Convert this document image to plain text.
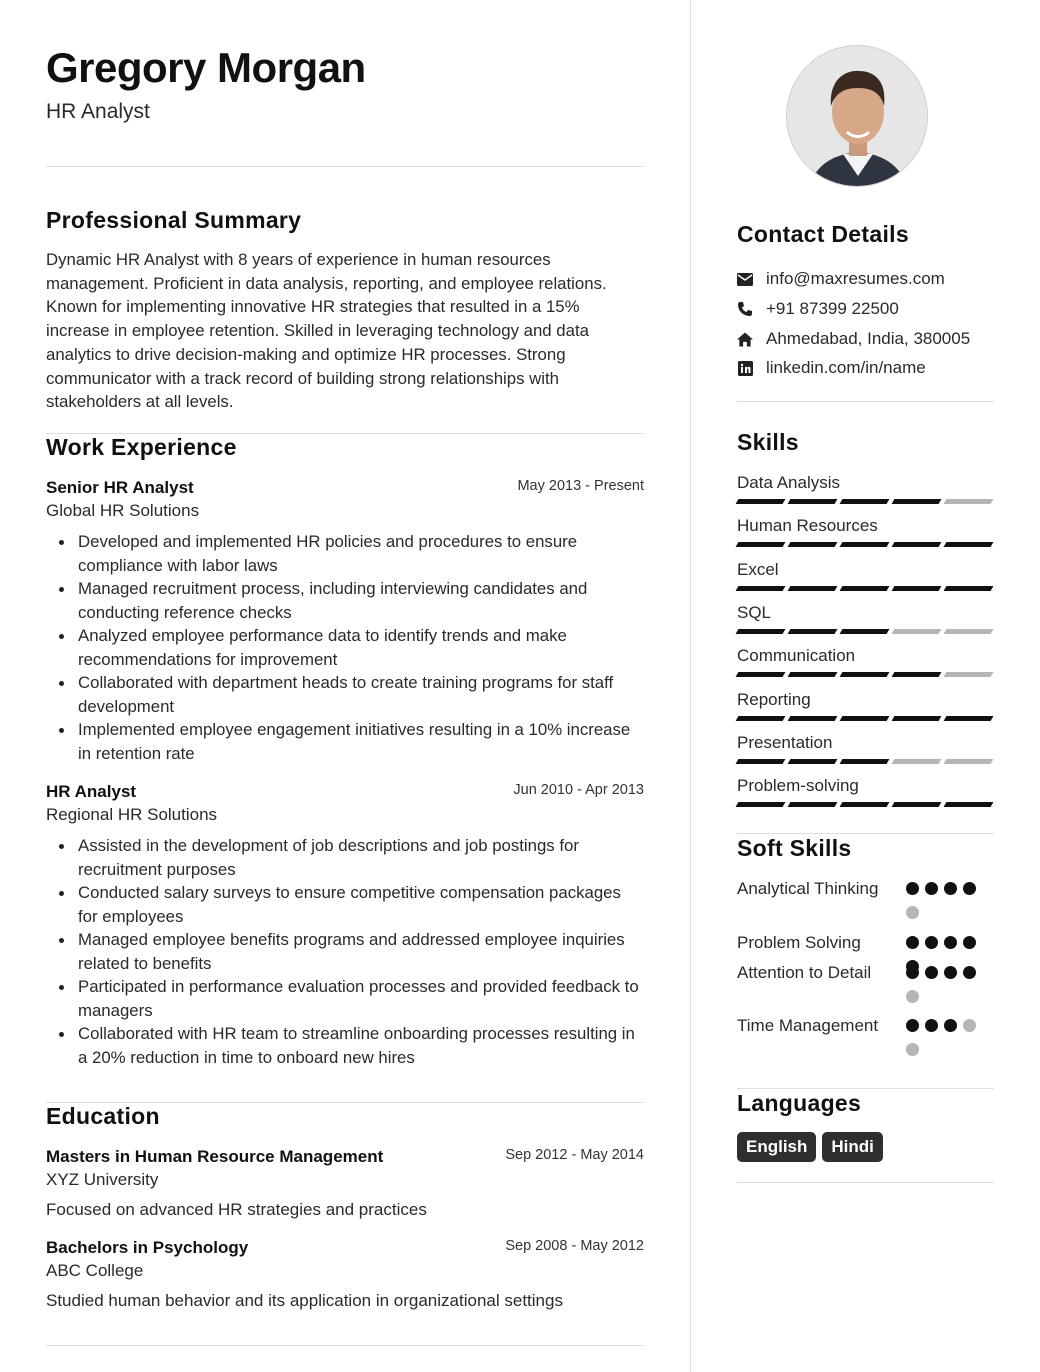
Gregory Morgan
HR Analyst
Professional Summary
Dynamic HR Analyst with 8 years of experience in human resources management. Proficient in data analysis, reporting, and employee relations. Known for implementing innovative HR strategies that resulted in a 15% increase in employee retention. Skilled in leveraging technology and data analytics to drive decision-making and optimize HR processes. Strong communicator with a track record of building strong relationships with stakeholders at all levels.
Work Experience
Senior HR Analyst	May 2013 - Present
Global HR Solutions
Developed and implemented HR policies and procedures to ensure compliance with labor laws
Managed recruitment process, including interviewing candidates and conducting reference checks
Analyzed employee performance data to identify trends and make recommendations for improvement
Collaborated with department heads to create training programs for staff development
Implemented employee engagement initiatives resulting in a 10% increase in retention rate
HR Analyst	Jun 2010 - Apr 2013
Regional HR Solutions
Assisted in the development of job descriptions and job postings for recruitment purposes
Conducted salary surveys to ensure competitive compensation packages for employees
Managed employee benefits programs and addressed employee inquiries related to benefits
Participated in performance evaluation processes and provided feedback to managers
Collaborated with HR team to streamline onboarding processes resulting in a 20% reduction in time to onboard new hires
Education
Masters in Human Resource Management	Sep 2012 - May 2014
XYZ University
Focused on advanced HR strategies and practices
Bachelors in Psychology	Sep 2008 - May 2012
ABC College
Studied human behavior and its application in organizational settings
Contact Details
info@maxresumes.com
+91 87399 22500
Ahmedabad, India, 380005
linkedin.com/in/name
Skills
Data Analysis
Human Resources
Excel
SQL
Communication
Reporting
Presentation
Problem-solving
Soft Skills
Analytical Thinking
Problem Solving
Attention to Detail
Time Management
Languages
English	Hindi
